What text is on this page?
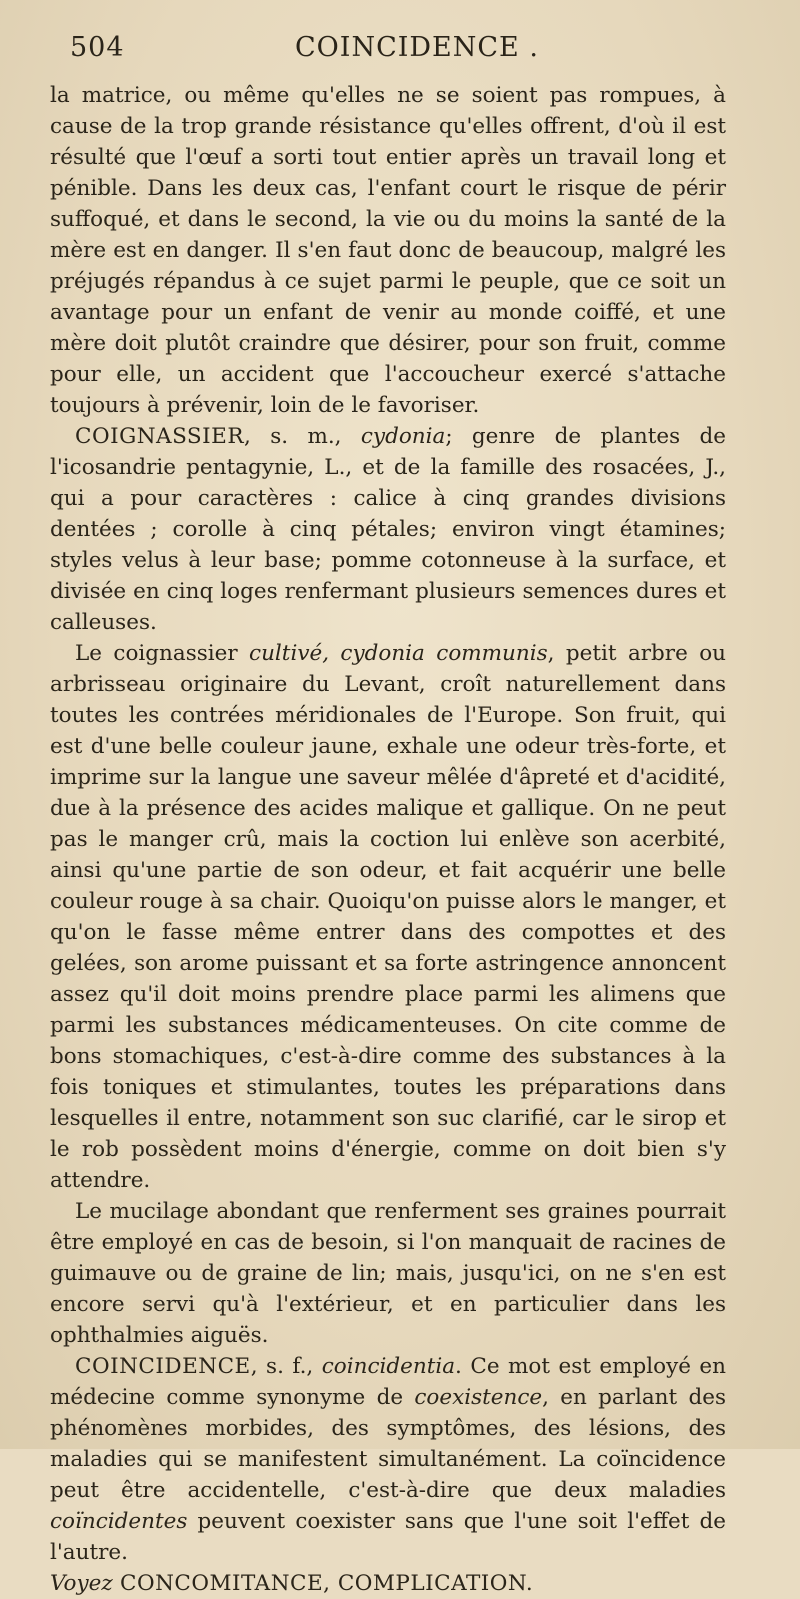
504	COINCIDENCE .

la matrice, ou même qu'elles ne se soient pas rompues, à cause de la trop grande résistance qu'elles offrent, d'où il est résulté que l'œuf a sorti tout entier après un travail long et pénible. Dans les deux cas, l'enfant court le risque de périr suffoqué, et dans le second, la vie ou du moins la santé de la mère est en danger. Il s'en faut donc de beaucoup, malgré les préjugés répandus à ce sujet parmi le peuple, que ce soit un avantage pour un enfant de venir au monde coiffé, et une mère doit plutôt craindre que désirer, pour son fruit, comme pour elle, un accident que l'accoucheur exercé s'attache toujours à prévenir, loin de le favoriser.

COIGNASSIER, s. m., cydonia; genre de plantes de l'icosandrie pentagynie, L., et de la famille des rosacées, J., qui a pour caractères : calice à cinq grandes divisions dentées ; corolle à cinq pétales; environ vingt étamines; styles velus à leur base; pomme cotonneuse à la surface, et divisée en cinq loges renfermant plusieurs semences dures et calleuses.

Le coignassier cultivé, cydonia communis, petit arbre ou arbrisseau originaire du Levant, croît naturellement dans toutes les contrées méridionales de l'Europe. Son fruit, qui est d'une belle couleur jaune, exhale une odeur très-forte, et imprime sur la langue une saveur mêlée d'âpreté et d'acidité, due à la présence des acides malique et gallique. On ne peut pas le manger crû, mais la coction lui enlève son acerbité, ainsi qu'une partie de son odeur, et fait acquérir une belle couleur rouge à sa chair. Quoiqu'on puisse alors le manger, et qu'on le fasse même entrer dans des compottes et des gelées, son arome puissant et sa forte astringence annoncent assez qu'il doit moins prendre place parmi les alimens que parmi les substances médicamenteuses. On cite comme de bons stomachiques, c'est-à-dire comme des substances à la fois toniques et stimulantes, toutes les préparations dans lesquelles il entre, notamment son suc clarifié, car le sirop et le rob possèdent moins d'énergie, comme on doit bien s'y attendre.

Le mucilage abondant que renferment ses graines pourrait être employé en cas de besoin, si l'on manquait de racines de guimauve ou de graine de lin; mais, jusqu'ici, on ne s'en est encore servi qu'à l'extérieur, et en particulier dans les ophthalmies aiguës.

COINCIDENCE, s. f., coincidentia. Ce mot est employé en médecine comme synonyme de coexistence, en parlant des phénomènes morbides, des symptômes, des lésions, des maladies qui se manifestent simultanément. La coïncidence peut être accidentelle, c'est-à-dire que deux maladies coïncidentes peuvent coexister sans que l'une soit l'effet de l'autre.

Voyez CONCOMITANCE, COMPLICATION.
